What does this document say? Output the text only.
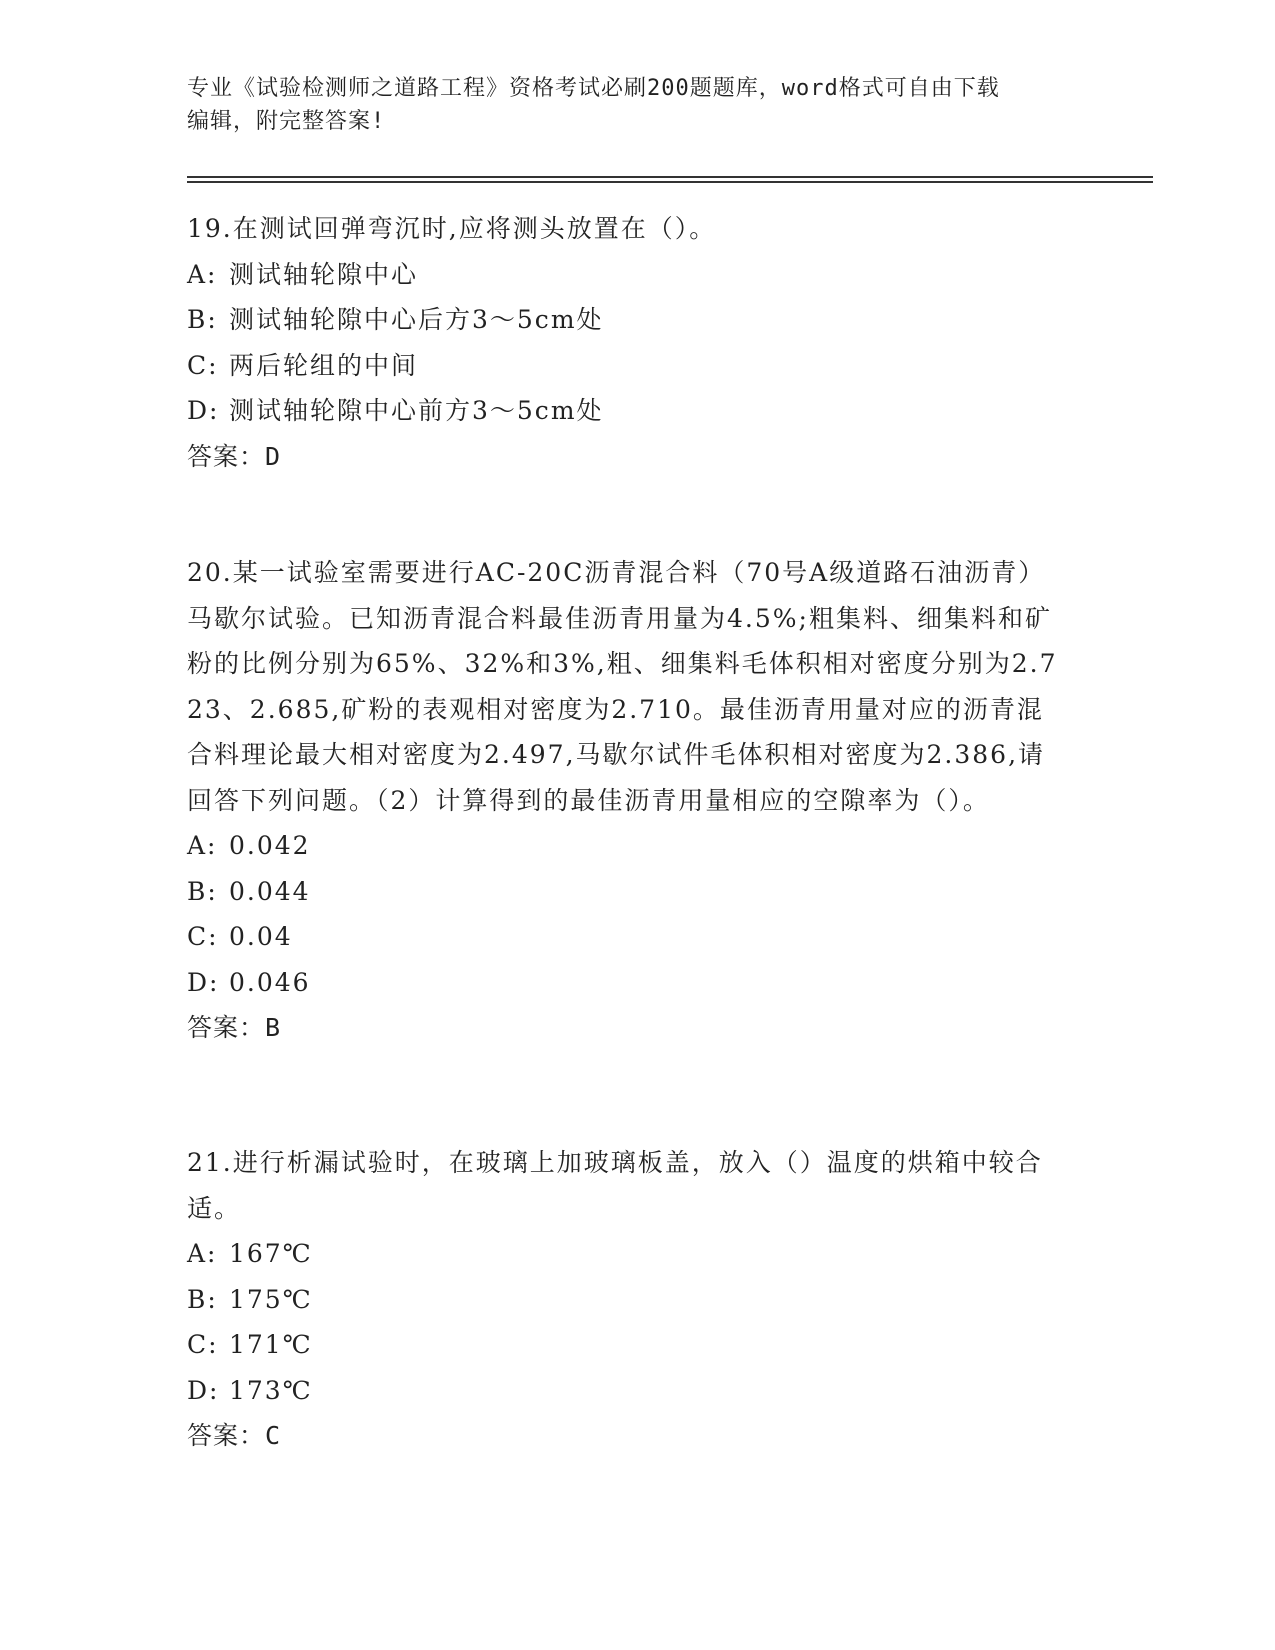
专业《试验检测师之道路工程》资格考试必刷200题题库，word格式可自由下载
编辑，附完整答案!

19.在测试回弹弯沉时,应将测头放置在（）。

A: 测试轴轮隙中心

B: 测试轴轮隙中心后方3～5cm处

C: 两后轮组的中间

D: 测试轴轮隙中心前方3～5cm处

答案：D

20.某一试验室需要进行AC-20C沥青混合料（70号A级道路石油沥青）马歇尔试验。已知沥青混合料最佳沥青用量为4.5%;粗集料、细集料和矿粉的比例分别为65%、32%和3%,粗、细集料毛体积相对密度分别为2.723、2.685,矿粉的表观相对密度为2.710。最佳沥青用量对应的沥青混合料理论最大相对密度为2.497,马歇尔试件毛体积相对密度为2.386,请回答下列问题。（2）计算得到的最佳沥青用量相应的空隙率为（）。

A: 0.042

B: 0.044

C: 0.04

D: 0.046

答案：B

21.进行析漏试验时，在玻璃上加玻璃板盖，放入（）温度的烘箱中较合适。

A: 167℃

B: 175℃

C: 171℃

D: 173℃

答案：C
